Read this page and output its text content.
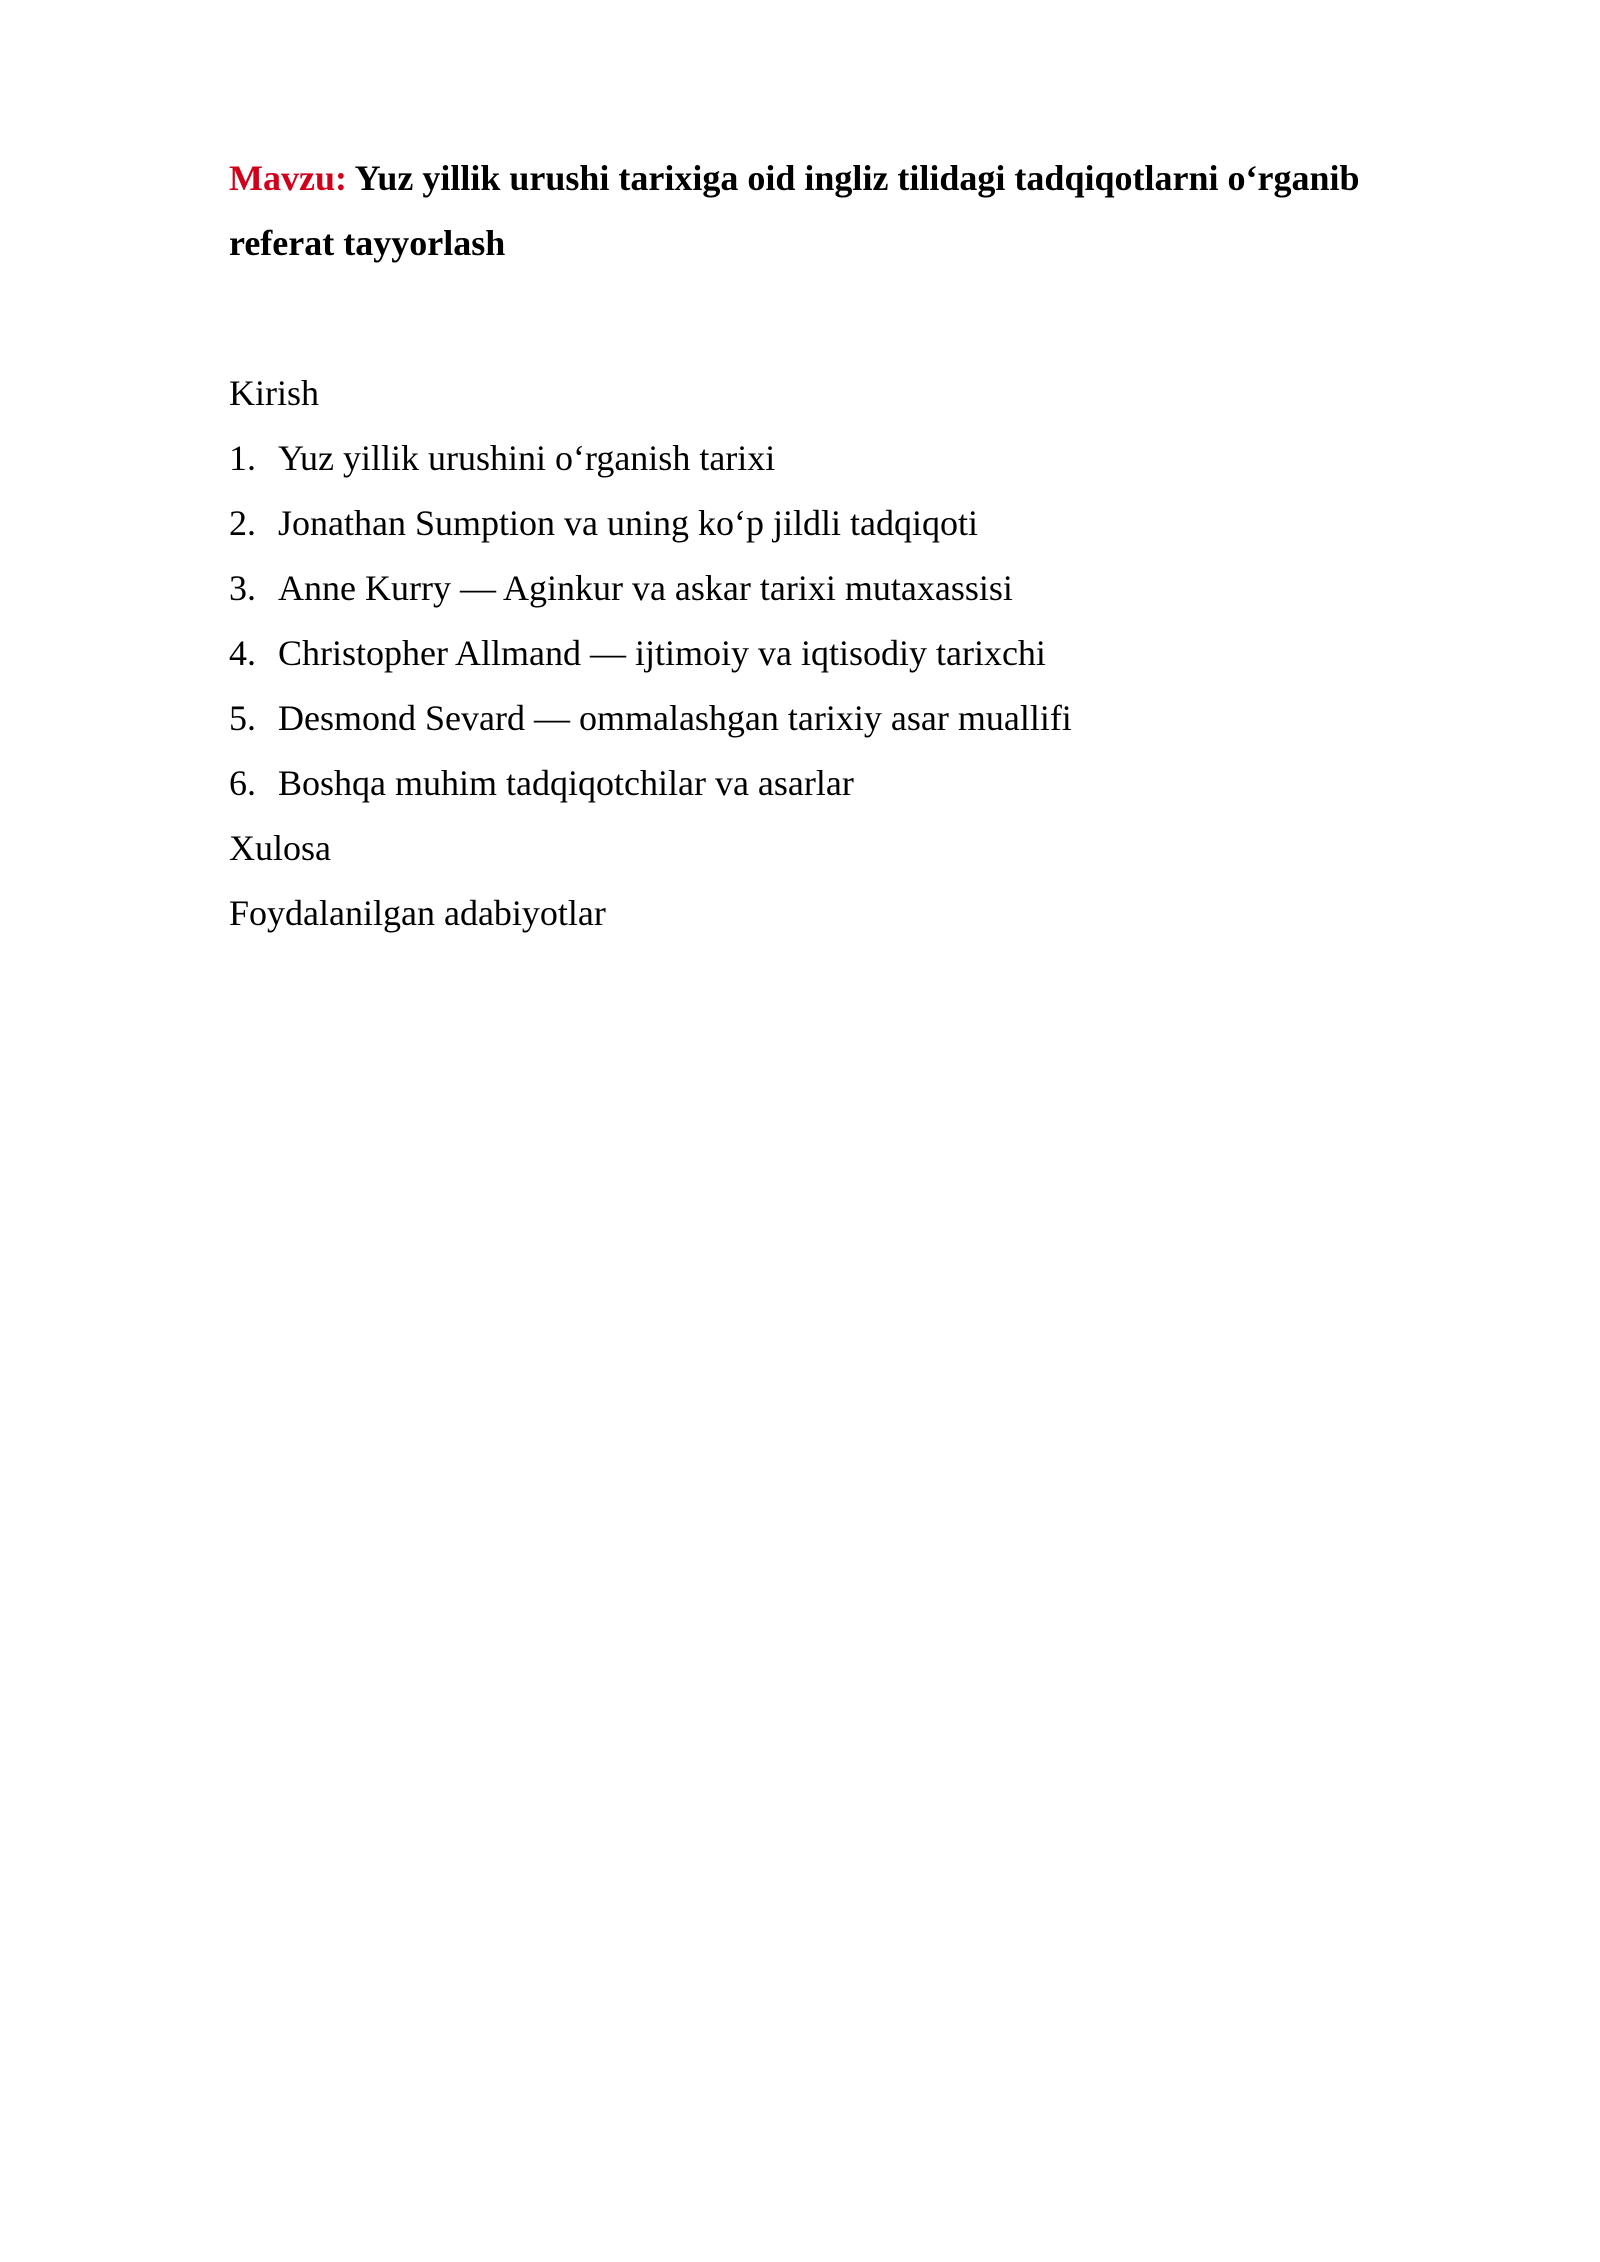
Mavzu: Yuz yillik urushi tarixiga oid ingliz tilidagi tadqiqotlarni o‘rganib referat tayyorlash

Kirish
1. Yuz yillik urushini o‘rganish tarixi
2. Jonathan Sumption va uning ko‘p jildli tadqiqoti
3. Anne Kurry — Aginkur va askar tarixi mutaxassisi
4. Christopher Allmand — ijtimoiy va iqtisodiy tarixchi
5. Desmond Sevard — ommalashgan tarixiy asar muallifi
6. Boshqa muhim tadqiqotchilar va asarlar
Xulosa
Foydalanilgan adabiyotlar
